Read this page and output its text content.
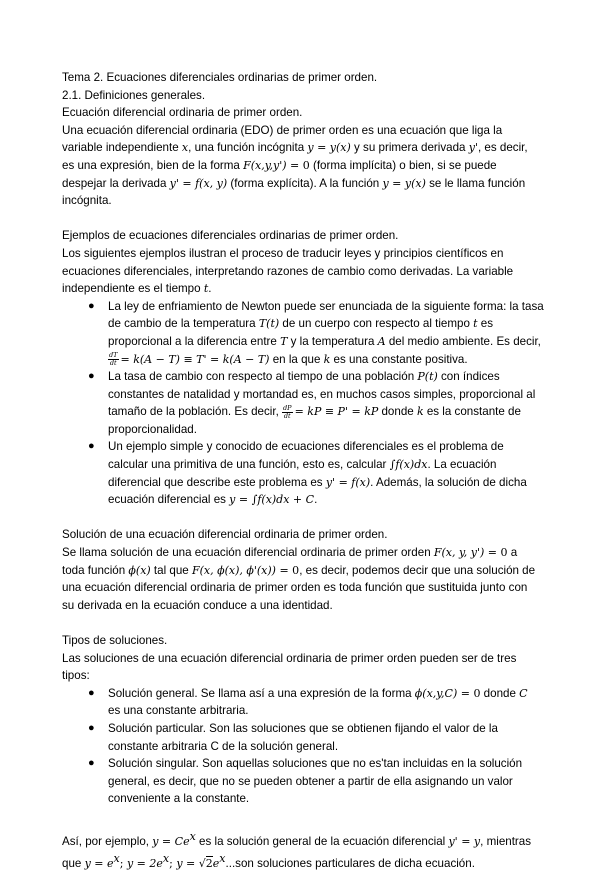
Tema 2. Ecuaciones diferenciales ordinarias de primer orden.
2.1. Definiciones generales.
Ecuación diferencial ordinaria de primer orden.
Una ecuación diferencial ordinaria (EDO) de primer orden es una ecuación que liga la
variable independiente x, una función incógnita y = y(x) y su primera derivada y', es decir,
es una expresión, bien de la forma F(x,y,y') = 0 (forma implícita) o bien, si se puede
despejar la derivada y' = f(x, y) (forma explícita). A la función y = y(x) se le llama función
incógnita.
Ejemplos de ecuaciones diferenciales ordinarias de primer orden.
Los siguientes ejemplos ilustran el proceso de traducir leyes y principios científicos en
ecuaciones diferenciales, interpretando razones de cambio como derivadas. La variable
independiente es el tiempo t.
● La ley de enfriamiento de Newton puede ser enunciada de la siguiente forma: la tasa
de cambio de la temperatura T(t) de un cuerpo con respecto al tiempo t es
proporcional a la diferencia entre T y la temperatura A del medio ambiente. Es decir,
$\frac{dT}{dt} = k(A - T) \equiv T' = k(A - T)$ en la que k es una constante positiva.
● La tasa de cambio con respecto al tiempo de una población P(t) con índices
constantes de natalidad y mortandad es, en muchos casos simples, proporcional al
tamaño de la población. Es decir, $\frac{dP}{dt}$ = kP ≡ P' = kP donde k es la constante de
proporcionalidad.
● Un ejemplo simple y conocido de ecuaciones diferenciales es el problema de
calcular una primitiva de una función, esto es, calcular ∫f(x)dx. La ecuación
diferencial que describe este problema es y' = f(x). Además, la solución de dicha
ecuación diferencial es y = ∫f(x)dx + C.
Solución de una ecuación diferencial ordinaria de primer orden.
Se llama solución de una ecuación diferencial ordinaria de primer orden F(x, y, y') = 0 a
toda función ϕ(x) tal que F(x, ϕ(x), ϕ'(x)) = 0, es decir, podemos decir que una solución de
una ecuación diferencial ordinaria de primer orden es toda función que sustituida junto con
su derivada en la ecuación conduce a una identidad.
Tipos de soluciones.
Las soluciones de una ecuación diferencial ordinaria de primer orden pueden ser de tres
tipos:
● Solución general. Se llama así a una expresión de la forma ϕ(x,y,C) = 0 donde C
es una constante arbitraria.
● Solución particular. Son las soluciones que se obtienen fijando el valor de la
constante arbitraria C de la solución general.
● Solución singular. Son aquellas soluciones que no es'tan incluidas en la solución
general, es decir, que no se pueden obtener a partir de ella asignando un valor
conveniente a la constante.
Así, por ejemplo, $y = Ce^x$ es la solución general de la ecuación diferencial y' = y, mientras
que $y = e^x$; $y = 2e^x$; $y = √2e^x...son$ soluciones particulares de dicha ecuación.
